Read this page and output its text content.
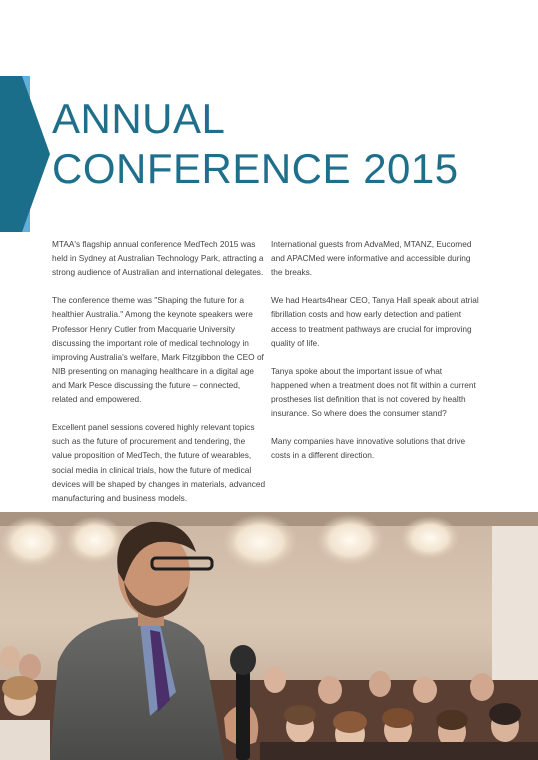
ANNUAL
CONFERENCE 2015

MTAA's flagship annual conference MedTech 2015 was held in Sydney at Australian Technology Park, attracting a strong audience of Australian and international delegates.

The conference theme was "Shaping the future for a healthier Australia." Among the keynote speakers were Professor Henry Cutler from Macquarie University discussing the important role of medical technology in improving Australia's welfare, Mark Fitzgibbon the CEO of NIB presenting on managing healthcare in a digital age and Mark Pesce discussing the future – connected, related and empowered.

Excellent panel sessions covered highly relevant topics such as the future of procurement and tendering, the value proposition of MedTech, the future of wearables, social media in clinical trials, how the future of medical devices will be shaped by changes in materials, advanced manufacturing and business models.

International guests from AdvaMed, MTANZ, Eucomed and APACMed were informative and accessible during the breaks.

We had Hearts4hear CEO, Tanya Hall speak about atrial fibrillation costs and how early detection and patient access to treatment pathways are crucial for improving quality of life.

Tanya spoke about the important issue of what happened when a treatment does not fit within a current prostheses list definition that is not covered by health insurance. So where does the consumer stand?

Many companies have innovative solutions that drive costs in a different direction.
